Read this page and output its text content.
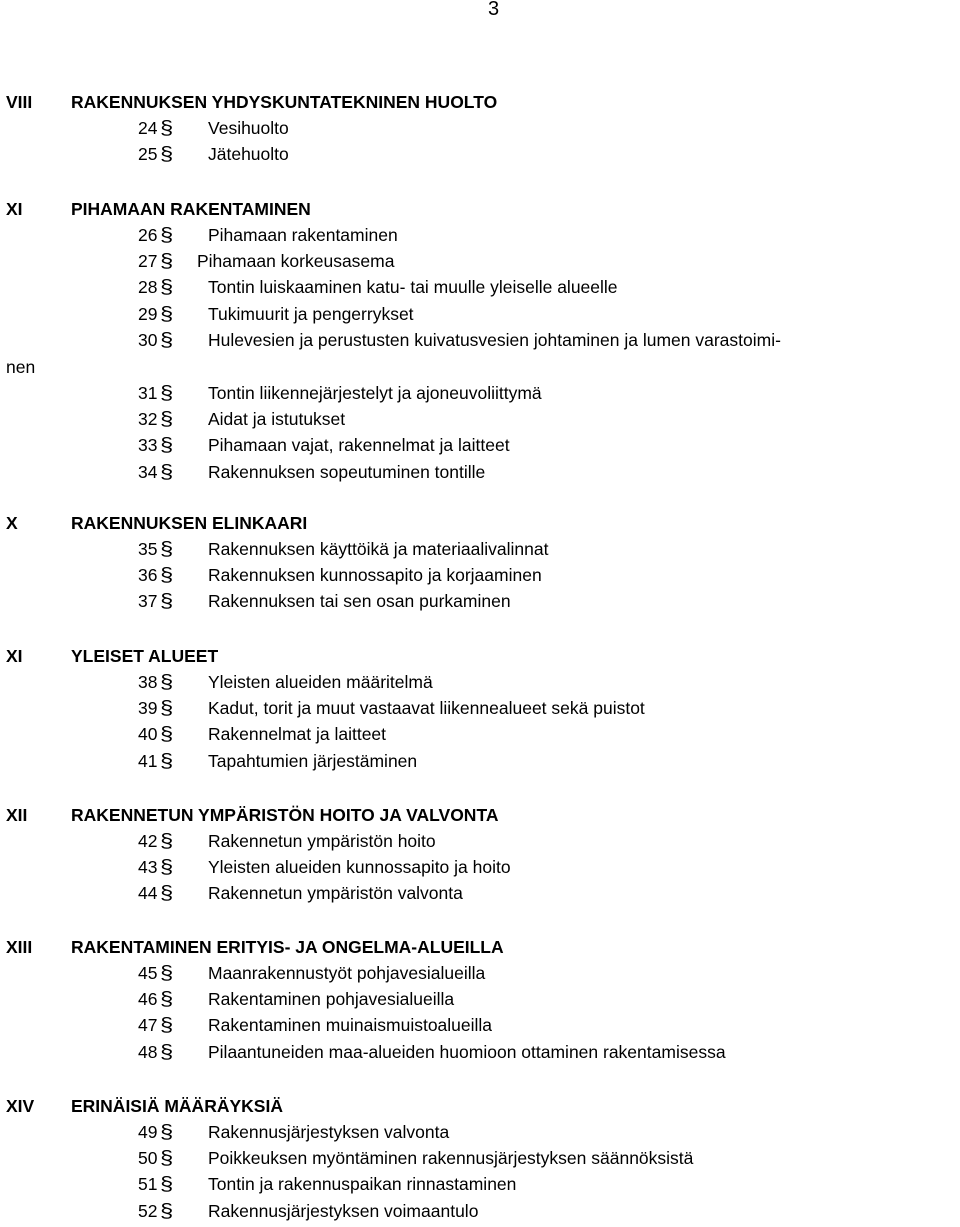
3
VIII RAKENNUKSEN YHDYSKUNTATEKNINEN HUOLTO
24 § Vesihuolto
25 § Jätehuolto
XI	PIHAMAAN RAKENTAMINEN
26 § Pihamaan rakentaminen
27 § Pihamaan korkeusasema
28 § Tontin luiskaaminen katu- tai muulle yleiselle alueelle
29 § Tukimuurit ja pengerrykset
30 § Hulevesien ja perustusten kuivatusvesien johtaminen ja lumen varastoimi-
nen
31 § Tontin liikennejärjestelyt ja ajoneuvoliittymä
32 § Aidat ja istutukset
33 § Pihamaan vajat, rakennelmat ja laitteet
34 § Rakennuksen sopeutuminen tontille
X	RAKENNUKSEN ELINKAARI
35 § Rakennuksen käyttöikä ja materiaalivalinnat
36 § Rakennuksen kunnossapito ja korjaaminen
37 § Rakennuksen tai sen osan purkaminen
XI	YLEISET ALUEET
38 § Yleisten alueiden määritelmä
39 § Kadut, torit ja muut vastaavat liikennealueet sekä puistot
40 § Rakennelmat ja laitteet
41 § Tapahtumien järjestäminen
XII RAKENNETUN YMPÄRISTÖN HOITO JA VALVONTA
42 § Rakennetun ympäristön hoito
43 § Yleisten alueiden kunnossapito ja hoito
44 § Rakennetun ympäristön valvonta
XIII RAKENTAMINEN ERITYIS- JA ONGELMA-ALUEILLA
45 § Maanrakennustyöt pohjavesialueilla
46 § Rakentaminen pohjavesialueilla
47 § Rakentaminen muinaismuistoalueilla
48 § Pilaantuneiden maa-alueiden huomioon ottaminen rakentamisessa
XIV ERINÄISIÄ MÄÄRÄYKSIÄ
49 § Rakennusjärjestyksen valvonta
50 § Poikkeuksen myöntäminen rakennusjärjestyksen säännöksistä
51 § Tontin ja rakennuspaikan rinnastaminen
52 § Rakennusjärjestyksen voimaantulo
